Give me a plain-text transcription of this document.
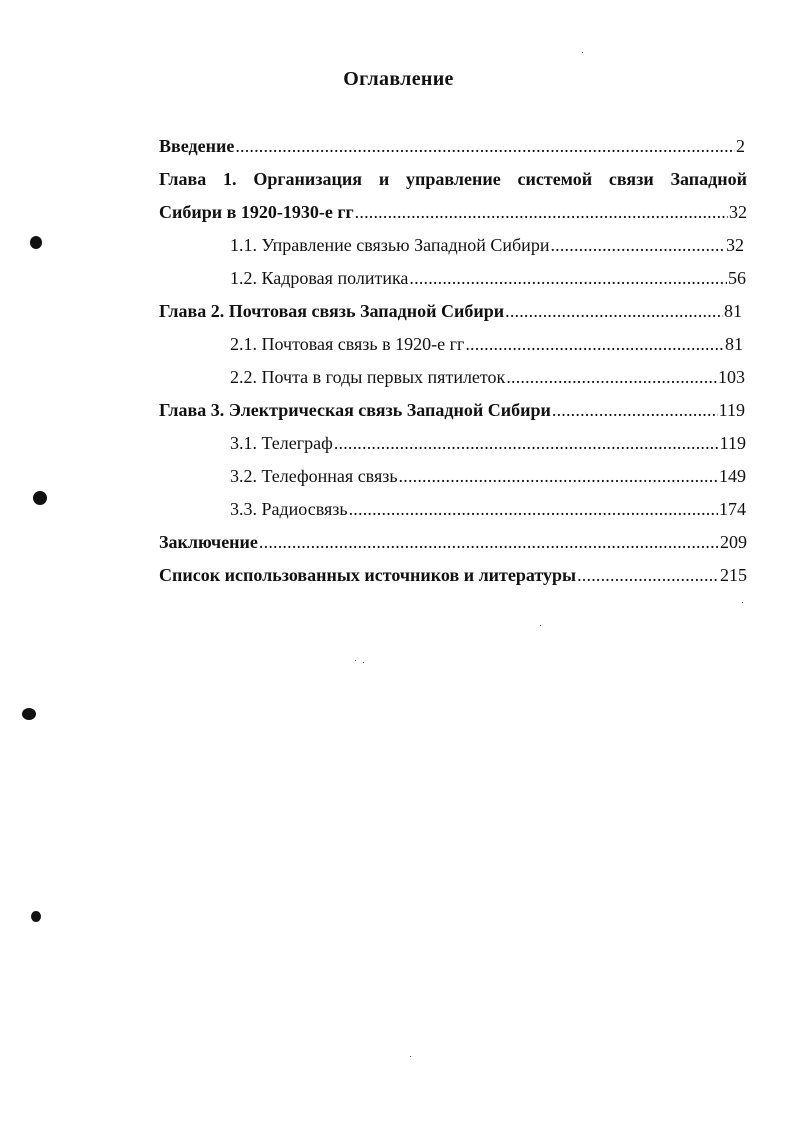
Оглавление
Введение .....	2
Глава 1. Организация и управление системой связи Западной
Сибири в 1920-1930-е гг .....	32
1.1. Управление связью Западной Сибири .....	32
1.2. Кадровая политика .....	56
Глава 2. Почтовая связь Западной Сибири .....	81
2.1. Почтовая связь в 1920-е гг .....	81
2.2. Почта в годы первых пятилеток .....	103
Глава 3. Электрическая связь Западной Сибири .....	119
3.1. Телеграф .....	119
3.2. Телефонная связь .....	149
3.3. Радиосвязь .....	174
Заключение .....	209
Список использованных источников и литературы .....	215
